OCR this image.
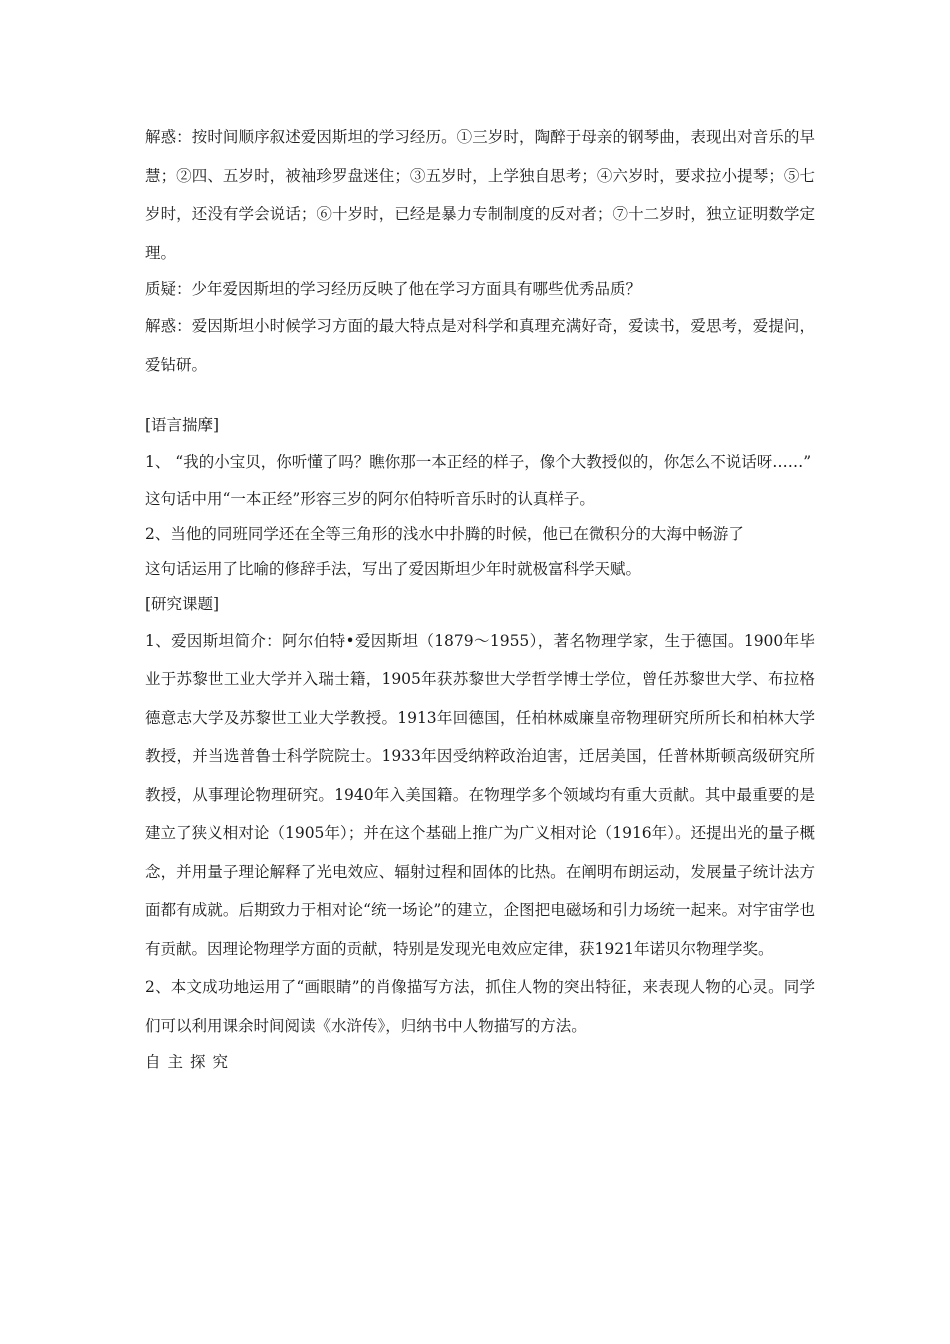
解惑：按时间顺序叙述爱因斯坦的学习经历。①三岁时，陶醉于母亲的钢琴曲，表现出对音乐的早慧；②四、五岁时，被袖珍罗盘迷住；③五岁时，上学独自思考；④六岁时，要求拉小提琴；⑤七岁时，还没有学会说话；⑥十岁时，已经是暴力专制制度的反对者；⑦十二岁时，独立证明数学定理。

质疑：少年爱因斯坦的学习经历反映了他在学习方面具有哪些优秀品质？

解惑：爱因斯坦小时候学习方面的最大特点是对科学和真理充满好奇，爱读书，爱思考，爱提问，爱钻研。

[语言揣摩]

1、 “我的小宝贝，你听懂了吗？瞧你那一本正经的样子，像个大教授似的，你怎么不说话呀……”

这句话中用“一本正经”形容三岁的阿尔伯特听音乐时的认真样子。

2、当他的同班同学还在全等三角形的浅水中扑腾的时候，他已在微积分的大海中畅游了

这句话运用了比喻的修辞手法，写出了爱因斯坦少年时就极富科学天赋。

[研究课题]

1、爱因斯坦简介：阿尔伯特•爱因斯坦（1879～1955），著名物理学家，生于德国。1900年毕业于苏黎世工业大学并入瑞士籍，1905年获苏黎世大学哲学博士学位，曾任苏黎世大学、布拉格德意志大学及苏黎世工业大学教授。1913年回德国，任柏林威廉皇帝物理研究所所长和柏林大学教授，并当选普鲁士科学院院士。1933年因受纳粹政治迫害，迁居美国，任普林斯顿高级研究所教授，从事理论物理研究。1940年入美国籍。在物理学多个领域均有重大贡献。其中最重要的是建立了狭义相对论（1905年）；并在这个基础上推广为广义相对论（1916年）。还提出光的量子概念，并用量子理论解释了光电效应、辐射过程和固体的比热。在阐明布朗运动，发展量子统计法方面都有成就。后期致力于相对论“统一场论”的建立，企图把电磁场和引力场统一起来。对宇宙学也有贡献。因理论物理学方面的贡献，特别是发现光电效应定律，获1921年诺贝尔物理学奖。

2、本文成功地运用了“画眼睛”的肖像描写方法，抓住人物的突出特征，来表现人物的心灵。同学们可以利用课余时间阅读《水浒传》，归纳书中人物描写的方法。

自主探究
